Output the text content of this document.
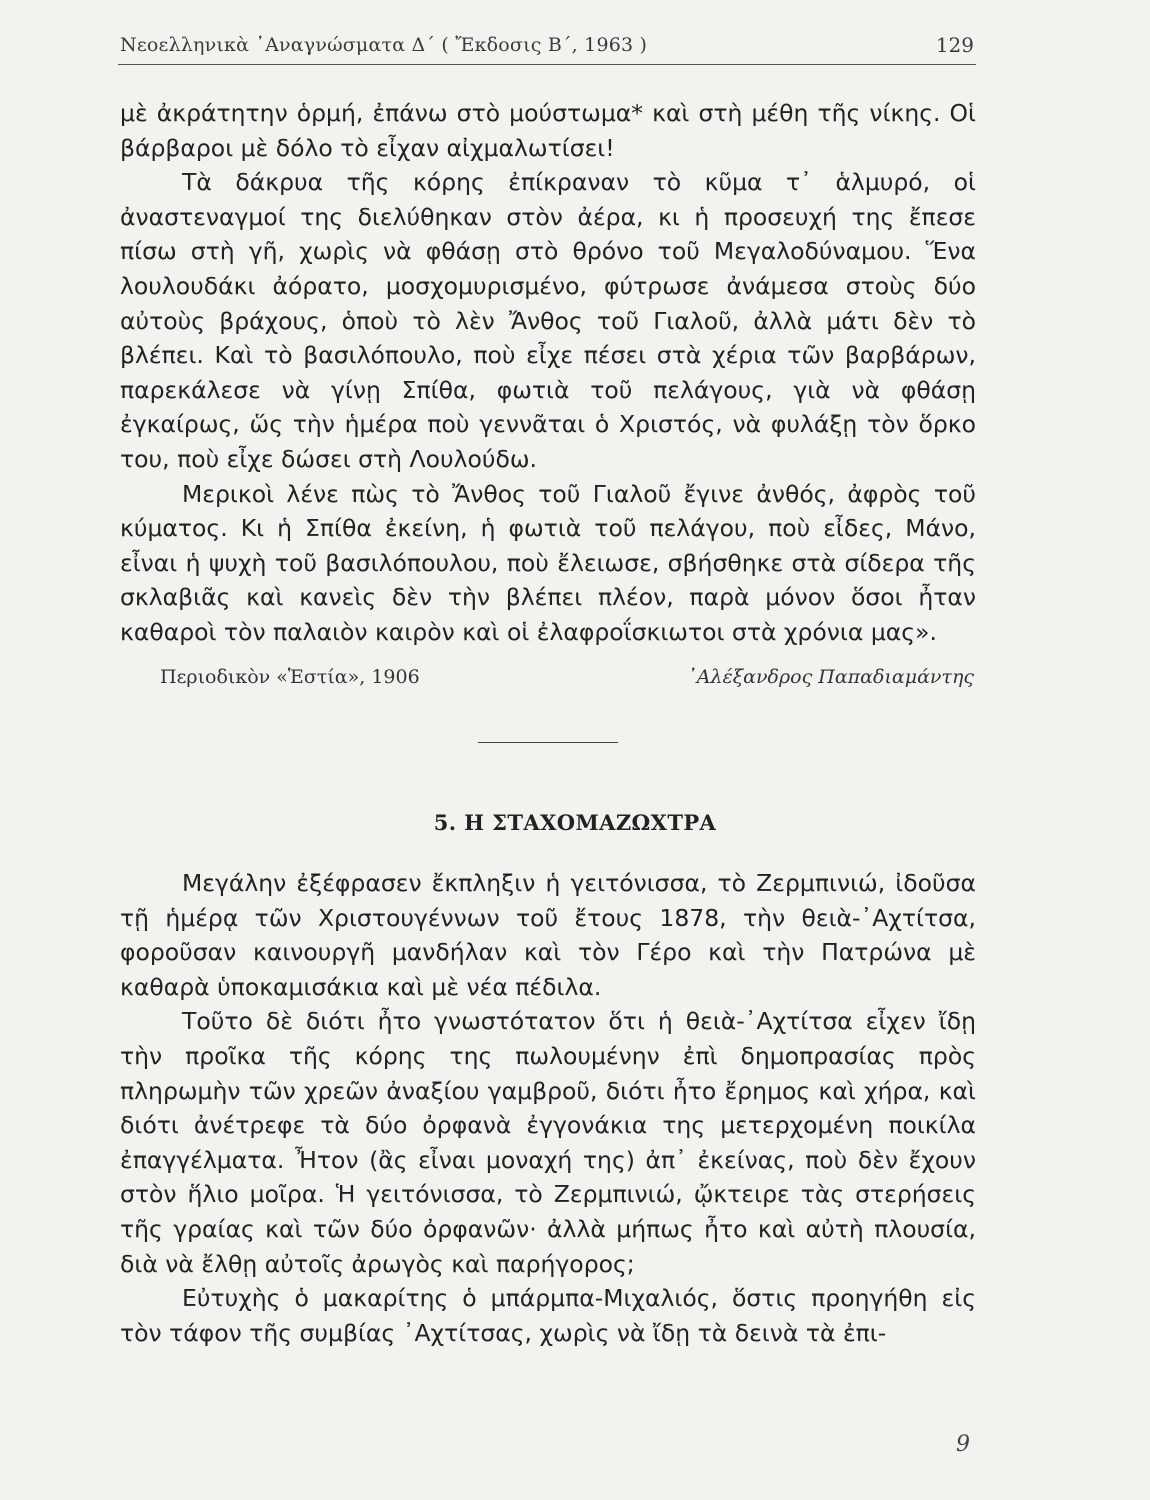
Νεοελληνικὰ ᾿Αναγνώσματα Δ΄ ( Ἔκδοσις Β΄, 1963 )	129

μὲ ἀκράτητην ὁρμή, ἐπάνω στὸ μούστωμα* καὶ στὴ μέθη τῆς νίκης. Οἱ βάρβαροι μὲ δόλο τὸ εἶχαν αἰχμαλωτίσει!

Τὰ δάκρυα τῆς κόρης ἐπίκραναν τὸ κῦμα τ᾿ ἁλμυρό, οἱ ἀναστεναγμοί της διελύθηκαν στὸν ἀέρα, κι ἡ προσευχή της ἔπεσε πίσω στὴ γῆ, χωρὶς νὰ φθάσῃ στὸ θρόνο τοῦ Μεγαλοδύναμου. Ἕνα λουλουδάκι ἀόρατο, μοσχομυρισμένο, φύτρωσε ἀνάμεσα στοὺς δύο αὐτοὺς βράχους, ὁποὺ τὸ λὲν Ἄνθος τοῦ Γιαλοῦ, ἀλλὰ μάτι δὲν τὸ βλέπει. Καὶ τὸ βασιλόπουλο, ποὺ εἶχε πέσει στὰ χέρια τῶν βαρβάρων, παρεκάλεσε νὰ γίνῃ Σπίθα, φωτιὰ τοῦ πελάγους, γιὰ νὰ φθάσῃ ἐγκαίρως, ὥς τὴν ἡμέρα ποὺ γεννᾶται ὁ Χριστός, νὰ φυλάξῃ τὸν ὅρκο του, ποὺ εἶχε δώσει στὴ Λουλούδω.

Μερικοὶ λένε πὼς τὸ Ἄνθος τοῦ Γιαλοῦ ἔγινε ἀνθός, ἀφρὸς τοῦ κύματος. Κι ἡ Σπίθα ἐκείνη, ἡ φωτιὰ τοῦ πελάγου, ποὺ εἶδες, Μάνο, εἶναι ἡ ψυχὴ τοῦ βασιλόπουλου, ποὺ ἔλειωσε, σβήσθηκε στὰ σίδερα τῆς σκλαβιᾶς καὶ κανεὶς δὲν τὴν βλέπει πλέον, παρὰ μόνον ὅσοι ἦταν καθαροὶ τὸν παλαιὸν καιρὸν καὶ οἱ ἐλαφροΐσκιωτοι στὰ χρόνια μας».

Περιοδικὸν «Ἑστία», 1906	᾿Αλέξανδρος Παπαδιαμάντης
5. Η ΣΤΑΧΟΜΑΖΩΧΤΡΑ

Μεγάλην ἐξέφρασεν ἔκπληξιν ἡ γειτόνισσα, τὸ Ζερμπινιώ, ἰδοῦσα τῇ ἡμέρᾳ τῶν Χριστουγέννων τοῦ ἔτους 1878, τὴν θειὰ-᾿Αχτίτσα, φοροῦσαν καινουργῆ μανδήλαν καὶ τὸν Γέρο καὶ τὴν Πατρώνα μὲ καθαρὰ ὑποκαμισάκια καὶ μὲ νέα πέδιλα.

Τοῦτο δὲ διότι ἦτο γνωστότατον ὅτι ἡ θειὰ-᾿Αχτίτσα εἶχεν ἴδῃ τὴν προῖκα τῆς κόρης της πωλουμένην ἐπὶ δημοπρασίας πρὸς πληρωμὴν τῶν χρεῶν ἀναξίου γαμβροῦ, διότι ἦτο ἔρημος καὶ χήρα, καὶ διότι ἀνέτρεφε τὰ δύο ὀρφανὰ ἐγγονάκια της μετερχομένη ποικίλα ἐπαγγέλματα. Ἦτον (ἂς εἶναι μοναχή της) ἀπ᾿ ἐκείνας, ποὺ δὲν ἔχουν στὸν ἥλιο μοῖρα. Ἡ γειτόνισσα, τὸ Ζερμπινιώ, ᾤκτειρε τὰς στερήσεις τῆς γραίας καὶ τῶν δύο ὀρφανῶν· ἀλλὰ μήπως ἦτο καὶ αὐτὴ πλουσία, διὰ νὰ ἔλθῃ αὐτοῖς ἀρωγὸς καὶ παρήγορος;

Εὐτυχὴς ὁ μακαρίτης ὁ μπάρμπα-Μιχαλιός, ὅστις προηγήθη εἰς τὸν τάφον τῆς συμβίας ᾿Αχτίτσας, χωρὶς νὰ ἴδῃ τὰ δεινὰ τὰ ἐπι-

9
